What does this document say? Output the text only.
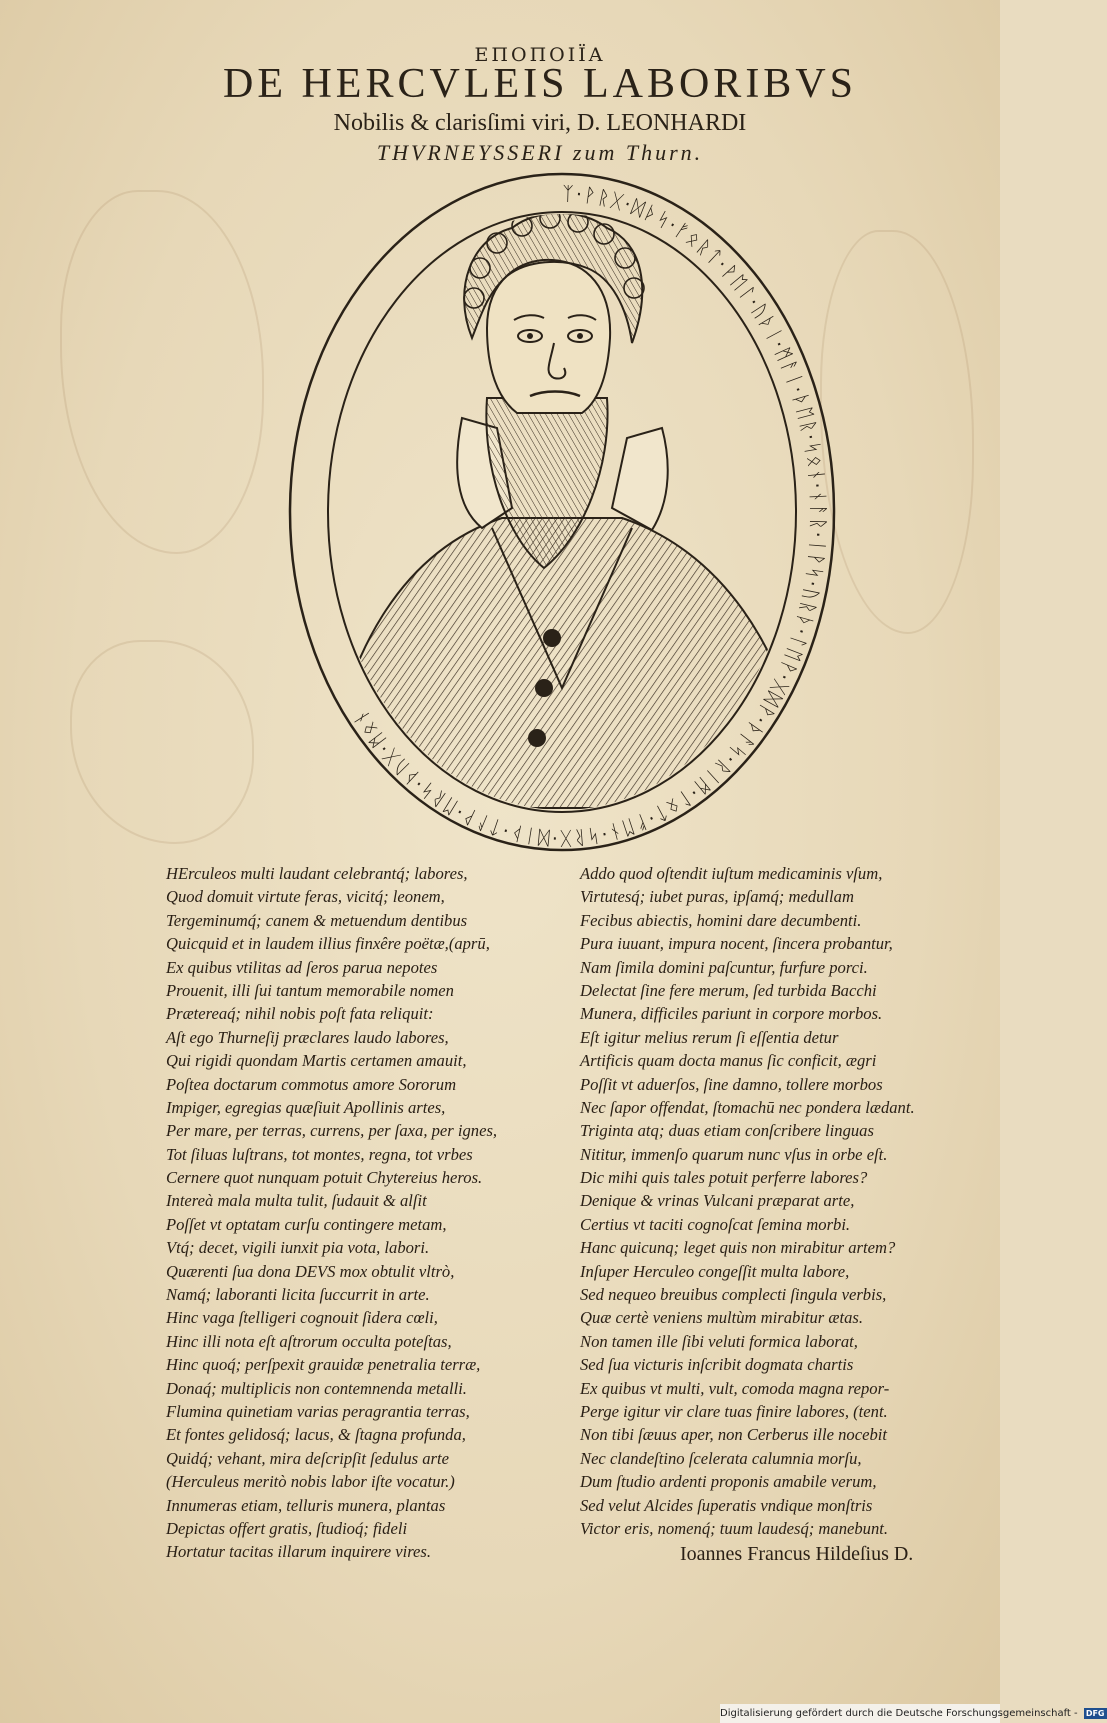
ΕΠΟΠΟΙΪΑ
DE HERCVLEIS LABORIBVS
Nobilis & clarisſimi viri, D. LEONHARDI
THVRNEYSSERI zum Thurn.
ᛉ·ᚹᚱᚷ·ᛞᚦᛋ·ᚠᛟᚱᛏ·ᚹᛖᛚ·ᚢᚦᛁ·ᛗᚨᛁ·ᚦᛖᚱ·ᛋᛟᚾ·ᚾᚨᚱ·ᛁᚹᛋ·ᚢᚱᚦ·ᛚᛖᚹ·ᚷᛞᚹ·ᚦᚨᛋ·ᚱᛁᛗ·ᛚᛟᛏ·ᚠᛖᚾ·ᛋᚱᚷ·ᛞᛁᚦ·ᛏᚨᚹ·ᛖᚱᛋ·ᚦᚢᚷ·ᛗᛟᚾ
HErculeos multi laudant celebrantq́; labores,
Quod domuit virtute feras, vicitq́; leonem,
Tergeminumq́; canem & metuendum dentibus
Quicquid et in laudem illius finxêre poëtæ,(aprū,
Ex quibus vtilitas ad ſeros parua nepotes
Prouenit, illi ſui tantum memorabile nomen
Prætereaq́; nihil nobis poſt fata reliquit:
Aſt ego Thurneſij præclares laudo labores,
Qui rigidi quondam Martis certamen amauit,
Poſtea doctarum commotus amore Sororum
Impiger, egregias quæſiuit Apollinis artes,
Per mare, per terras, currens, per ſaxa, per ignes,
Tot ſiluas luſtrans, tot montes, regna, tot vrbes
Cernere quot nunquam potuit Chytereius heros.
Intereà mala multa tulit, ſudauit & alſit
Poſſet vt optatam curſu contingere metam,
Vtq́; decet, vigili iunxit pia vota, labori.
Quærenti ſua dona DEVS mox obtulit vltrò,
Namq́; laboranti licita ſuccurrit in arte.
Hinc vaga ſtelligeri cognouit ſidera cœli,
Hinc illi nota eſt aſtrorum occulta poteſtas,
Hinc quoq́; perſpexit grauidæ penetralia terræ,
Donaq́; multiplicis non contemnenda metalli.
Flumina quinetiam varias peragrantia terras,
Et fontes gelidosq́; lacus, & ſtagna profunda,
Quidq́; vehant, mira deſcripſit ſedulus arte
(Herculeus meritò nobis labor iſte vocatur.)
Innumeras etiam, telluris munera, plantas
Depictas offert gratis, ſtudioq́; fideli
Hortatur tacitas illarum inquirere vires.
Addo quod oſtendit iuſtum medicaminis vſum,
Virtutesq́; iubet puras, ipſamq́; medullam
Fecibus abiectis, homini dare decumbenti.
Pura iuuant, impura nocent, ſincera probantur,
Nam ſimila domini paſcuntur, furfure porci.
Delectat ſine fere merum, ſed turbida Bacchi
Munera, difficiles pariunt in corpore morbos.
Eſt igitur melius rerum ſi eſſentia detur
Artificis quam docta manus ſic conficit, ægri
Poſſit vt aduerſos, ſine damno, tollere morbos
Nec ſapor offendat, ſtomachū nec pondera lædant.
Triginta atq; duas etiam conſcribere linguas
Nititur, immenſo quarum nunc vſus in orbe eſt.
Dic mihi quis tales potuit perferre labores?
Denique & vrinas Vulcani præparat arte,
Certius vt taciti cognoſcat ſemina morbi.
Hanc quicunq; leget quis non mirabitur artem?
Inſuper Herculeo congeſſit multa labore,
Sed nequeo breuibus complecti ſingula verbis,
Quæ certè veniens multùm mirabitur ætas.
Non tamen ille ſibi veluti formica laborat,
Sed ſua victuris inſcribit dogmata chartis
Ex quibus vt multi, vult, comoda magna repor-
Perge igitur vir clare tuas finire labores, (tent.
Non tibi ſæuus aper, non Cerberus ille nocebit
Nec clandeſtino ſcelerata calumnia morſu,
Dum ſtudio ardenti proponis amabile verum,
Sed velut Alcides ſuperatis vndique monſtris
Victor eris, nomenq́; tuum laudesq́; manebunt.
Ioannes Francus Hildeſius D.
Digitalisierung gefördert durch die Deutsche Forschungsgemeinschaft - DFG
